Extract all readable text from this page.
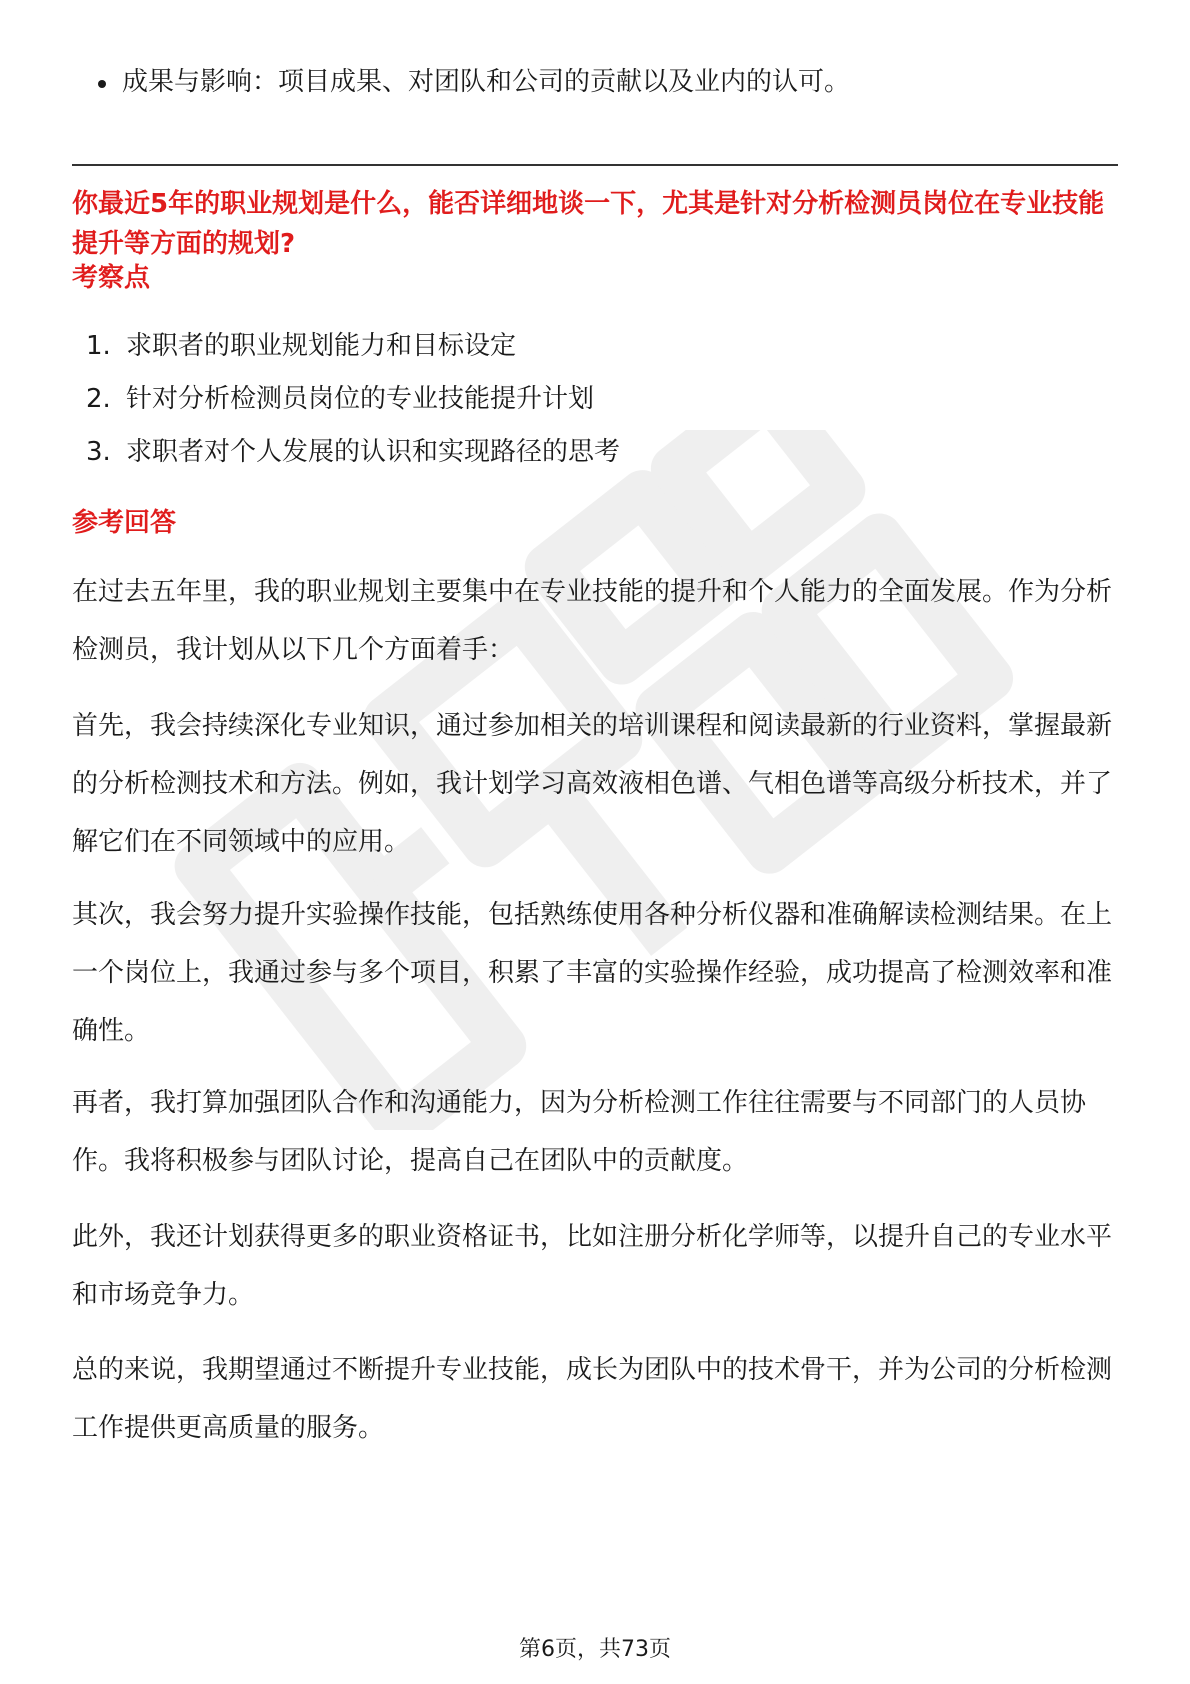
成果与影响：项目成果、对团队和公司的贡献以及业内的认可。
你最近5年的职业规划是什么，能否详细地谈一下，尤其是针对分析检测员岗位在专业技能提升等方面的规划?
考察点
1. 求职者的职业规划能力和目标设定
2. 针对分析检测员岗位的专业技能提升计划
3. 求职者对个人发展的认识和实现路径的思考
参考回答
在过去五年里，我的职业规划主要集中在专业技能的提升和个人能力的全面发展。作为分析检测员，我计划从以下几个方面着手：
首先，我会持续深化专业知识，通过参加相关的培训课程和阅读最新的行业资料，掌握最新的分析检测技术和方法。例如，我计划学习高效液相色谱、气相色谱等高级分析技术，并了解它们在不同领域中的应用。
其次，我会努力提升实验操作技能，包括熟练使用各种分析仪器和准确解读检测结果。在上一个岗位上，我通过参与多个项目，积累了丰富的实验操作经验，成功提高了检测效率和准确性。
再者，我打算加强团队合作和沟通能力，因为分析检测工作往往需要与不同部门的人员协作。我将积极参与团队讨论，提高自己在团队中的贡献度。
此外，我还计划获得更多的职业资格证书，比如注册分析化学师等，以提升自己的专业水平和市场竞争力。
总的来说，我期望通过不断提升专业技能，成长为团队中的技术骨干，并为公司的分析检测工作提供更高质量的服务。
第6页，共73页
